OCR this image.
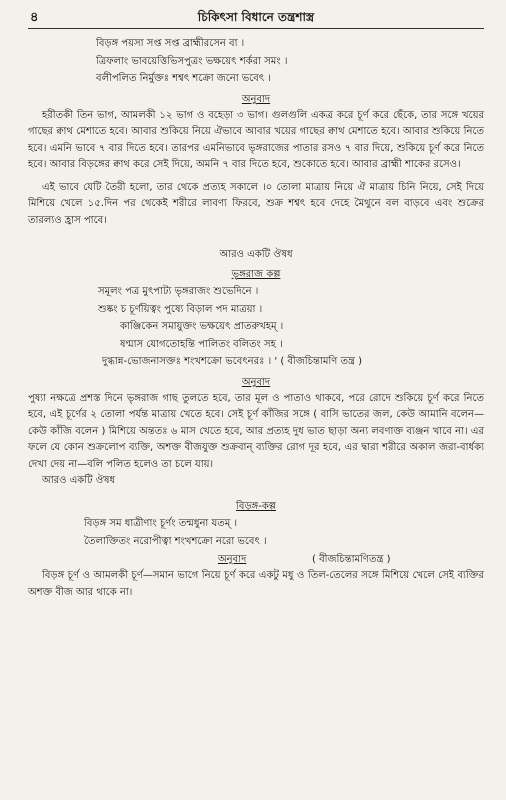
৪	চিকিৎসা বিধানে তন্ত্রশাস্ত্র
বিড়ঙ্গ পয়সা সপ্ত সপ্ত ব্রাহ্মীরসেন বা ।
ত্রিফলাং ভাবয়েত্তিভিসপুত্রং ভক্ষয়েৎ শর্করা সমং ।
বলীপলিত নির্মুক্তঃ শশ্বৎ শক্রো জনো ভবেৎ ।
অনুবাদ

হরীতকী তিন ভাগ, আমলকী ১২ ভাগ ও বহেড়া ৩ ভাগ। গুলগুলি একত্র করে চূর্ণ করে ছেঁকে, তার সঙ্গে খয়ের গাছের ক্বাথ মেশাতে হবে। আবার শুকিয়ে নিয়ে ঐভাবে আবার খয়ের গাছের ক্বাথ মেশাতে হবে। আবার শুকিয়ে নিতে হবে। এমনি ভাবে ৭ বার দিতে হবে। তারপর এমনিভাবে ভৃঙ্গরাজের পাতার রসও ৭ বার দিয়ে, শুকিয়ে চূর্ণ করে নিতে হবে। আবার বিড়ঙ্গের ক্বাথ করে সেই দিয়ে, অমনি ৭ বার দিতে হবে, শুকোতে হবে। আবার ব্রাহ্মী শাকের রসেও।

এই ভাবে যেটি তৈরী হলো, তার থেকে প্রত্যহ সকালে ।০ তোলা মাত্রায় নিয়ে ঐ মাত্রায় চিনি নিয়ে, সেই দিয়ে মিশিয়ে খেলে ১৫.দিন পর থেকেই শরীরে লাবণ্য ফিরবে, শুক্র শশ্বৎ হবে দেহে মৈথুনে বল বাড়বে এবং শুক্রের তারল্যও হ্রাস পাবে।

আরও একটি ঔষধ
ভৃঙ্গরাজ কল্প
সমূলং পত্র মুৎপাট্য ভৃঙ্গরাজং শুভেদিনে ।
শুষ্কং চ চূর্ণয়িত্বং পুষ্যে বিড়াল পদ মাত্রয়া ।
কাঞ্জিকেন সমায়ুক্তং ভক্ষয়েৎ প্রাতরুখহম্ ।
ষণ্মাস যোগতোহন্তি পালিতং বলিতং সহ ।
দুগ্ধান্ন-ভোজনাসক্তঃ শংখশক্রো ভবেৎনরঃ । ' ( বীজচিন্তামণি তন্ত্র )
অনুবাদ

পুষ্যা নক্ষত্রে প্রশস্ত দিনে ভৃঙ্গরাজ গাছ তুলতে হবে, তার মূল ও পাতাও থাকবে, পরে রোদে শুকিয়ে চূর্ণ করে নিতে হবে, এই চূর্ণের ২ তোলা পর্যন্ত মাত্রায় খেতে হবে। সেই চূর্ণ কাঁজির সঙ্গে ( বাসি ভাতের জল, কেউ আমানি বলেন—কেউ কাঁজি বলেন ) মিশিয়ে অন্ততঃ ৬ মাস খেতে হবে, আর প্রত্যহ দুধ ভাত ছাড়া অন্য লবণাক্ত ব্যঞ্জন খাবে না। এর ফলে যে কোন শুক্রলোপ ব্যক্তি, অশক্ত বীজযুক্ত শুক্রবান্ ব্যক্তির রোগ দূর হবে, এর দ্বারা শরীরে অকাল জরা-বার্ধক্য দেখা দেয় না—বলি পলিত হলেও তা চলে যায়।

আরও একটি ঔষধ
বিড়ঙ্গ-কল্প
বিড়ঙ্গ সম ধাত্রীণাং চূর্ণং তন্মধুনা যতম্ ।
তৈলাক্তিতং নরোপীত্বা শংখশক্রো নরো ভবেৎ ।
অনুবাদ	( বীজচিন্তামণিতন্ত্র )

বিড়ঙ্গ চূর্ণ ও আমলকী চূর্ণ—সমান ভাগে নিয়ে চূর্ণ করে একটু মধু ও তিল-তেলের সঙ্গে মিশিয়ে খেলে সেই ব্যক্তির অশক্ত বীজ আর থাকে না।
